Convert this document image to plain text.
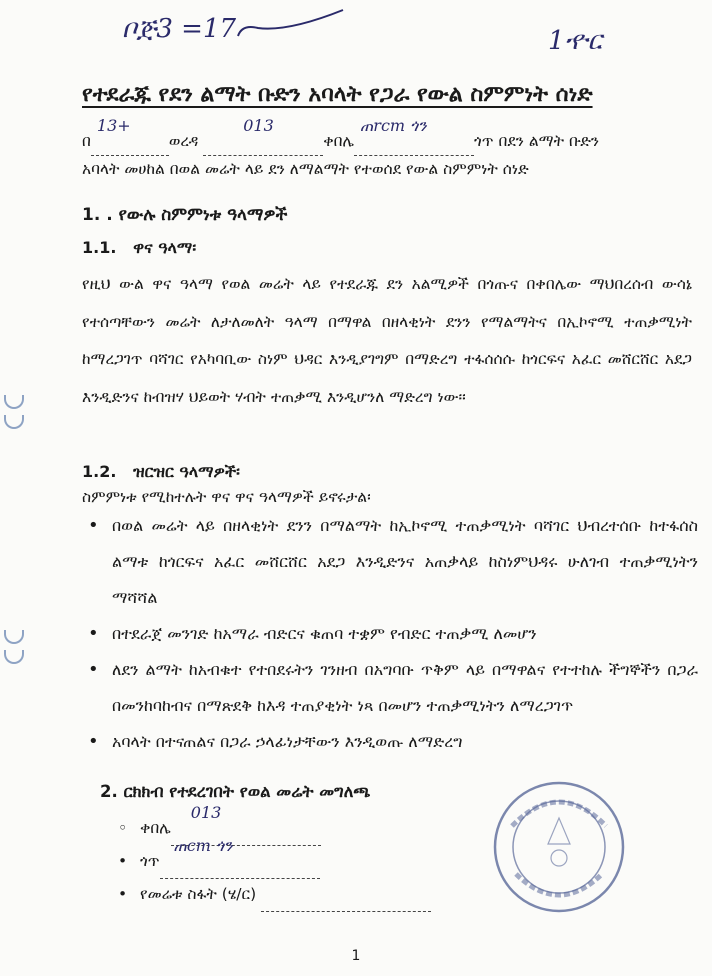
ቦጅ3 =17	1ዯር
የተደራጁ የደን ልማት ቡድን አባላት የጋራ የውል ስምምነት ሰነድ
በ
13+
ወረዳ
013
ቀበሌ
ጠrcm ጎን
ጎጥ በደን ልማት ቡድን
አባላት መሀከል በወል መሬት ላይ ደን ለማልማት የተወሰደ የውል ስምምነት ሰነድ
1. . የውሉ ስምምነቱ ዓላማዎች
1.1. ዋና ዓላማ፡
የዚህ ውል ዋና ዓላማ የወል መሬት ላይ የተደራጁ ደን አልሚዎች በጎጡና በቀበሌው ማህበረሰብ ውሳኔ የተሰጣቸውን መሬት ለታለመለት ዓላማ በማዋል በዘላቂነት ደንን የማልማትና በኢኮኖሚ ተጠቃሚነት ከማረጋገጥ ባሻገር የአካባቢው ስነም ህዳር እንዲያገግም በማድረግ ተፋሰሰሱ ከጎርፍና አፈር መሸርሸር አደጋ እንዲድንና ከብዝሃ ህይወት ሃብት ተጠቃሚ እንዲሆንለ ማድረግ ነው፡፡
1.2. ዝርዝር ዓላማዎች፡
ስምምነቱ የሚከተሉት ዋና ዋና ዓላማዎች ይኖሩታል፡
• በወል መሬት ላይ በዘላቂነት ደንን በማልማት ከኢኮኖሚ ተጠቃሚነት ባሻገር ህብረተሰቡ ከተፋሰስ ልማቱ ከጎርፍና አፈር መሸርሸር አደጋ እንዲድንና አጠቃላይ ከስነምህዳሩ ሁለገብ ተጠቃሚነትን ማሻሻል
• በተደራጀ መንገድ ከአማራ ብድርና ቁጠባ ተቋም የብድር ተጠቃሚ ለመሆን
• ለደን ልማት ከአብቁተ የተበደሩትን ገንዘብ በአግባቡ ጥቅም ላይ በማዋልና የተተከሉ ችግኞችን በጋራ በመንከባከብና በማጽደቅ ከእዳ ተጠያቂነት ነጻ በመሆን ተጠቃሚነትን ለማረጋገጥ
• አባላት በተናጠልና በጋራ ኃላፊነታቸውን እንዲወጡ ለማድረግ
2. ርክክብ የተደረገበት የወል መሬት መግለጫ
◦ ቀበሌ
013

• ጎጥ
ጠcm ጎን

• የመሬቱ ስፋት (ሄ/ር)

1
